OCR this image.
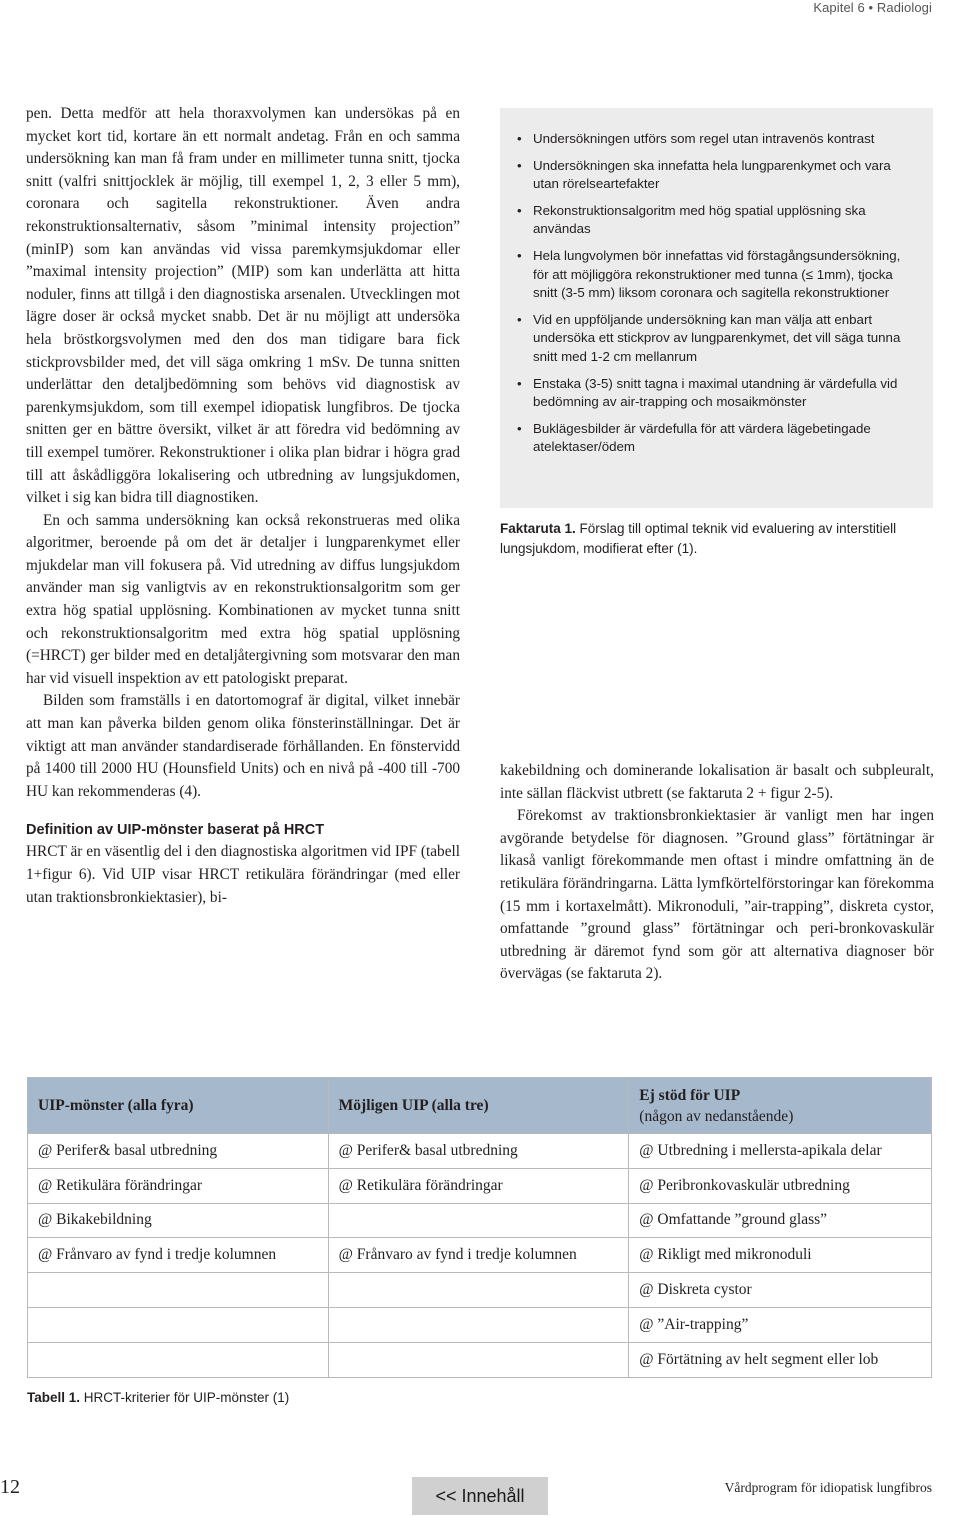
Kapitel 6 • Radiologi

pen. Detta medför att hela thoraxvolymen kan undersökas på en mycket kort tid, kortare än ett normalt andetag. Från en och samma undersökning kan man få fram under en millimeter tunna snitt, tjocka snitt (valfri snittjocklek är möjlig, till exempel 1, 2, 3 eller 5 mm), coronara och sagitella rekonstruktioner. Även andra rekonstruktionsalternativ, såsom ”minimal intensity projection” (minIP) som kan användas vid vissa paremkymsjukdomar eller ”maximal intensity projection” (MIP) som kan underlätta att hitta noduler, finns att tillgå i den diagnostiska arsenalen. Utvecklingen mot lägre doser är också mycket snabb. Det är nu möjligt att undersöka hela bröstkorgsvolymen med den dos man tidigare bara fick stickprovsbilder med, det vill säga omkring 1 mSv. De tunna snitten underlättar den detaljbedömning som behövs vid diagnostisk av parenkymsjukdom, som till exempel idiopatisk lungfibros. De tjocka snitten ger en bättre översikt, vilket är att föredra vid bedömning av till exempel tumörer. Rekonstruktioner i olika plan bidrar i högra grad till att åskådliggöra lokalisering och utbredning av lungsjukdomen, vilket i sig kan bidra till diagnostiken.

En och samma undersökning kan också rekonstrueras med olika algoritmer, beroende på om det är detaljer i lungparenkymet eller mjukdelar man vill fokusera på. Vid utredning av diffus lungsjukdom använder man sig vanligtvis av en rekonstruktionsalgoritm som ger extra hög spatial upplösning. Kombinationen av mycket tunna snitt och rekonstruktionsalgoritm med extra hög spatial upplösning (=HRCT) ger bilder med en detaljåtergivning som motsvarar den man har vid visuell inspektion av ett patologiskt preparat.

Bilden som framställs i en datortomograf är digital, vilket innebär att man kan påverka bilden genom olika fönsterinställningar. Det är viktigt att man använder standardiserade förhållanden. En fönstervidd på 1400 till 2000 HU (Hounsfield Units) och en nivå på -400 till -700 HU kan rekommenderas (4).

Definition av UIP-mönster baserat på HRCT

HRCT är en väsentlig del i den diagnostiska algoritmen vid IPF (tabell 1+figur 6). Vid UIP visar HRCT retikulära förändringar (med eller utan traktionsbronkiektasier), bi-

• Undersökningen utförs som regel utan intravenös kontrast
• Undersökningen ska innefatta hela lungparenkymet och vara utan rörelseartefakter
• Rekonstruktionsalgoritm med hög spatial upplösning ska användas
• Hela lungvolymen bör innefattas vid förstagångsundersökning, för att möjliggöra rekonstruktioner med tunna (≤ 1mm), tjocka snitt (3-5 mm) liksom coronara och sagitella rekonstruktioner
• Vid en uppföljande undersökning kan man välja att enbart undersöka ett stickprov av lungparenkymet, det vill säga tunna snitt med 1-2 cm mellanrum
• Enstaka (3-5) snitt tagna i maximal utandning är värdefulla vid bedömning av air-trapping och mosaikmönster
• Buklägesbilder är värdefulla för att värdera lägebetingade atelektaser/ödem
Faktaruta 1. Förslag till optimal teknik vid evaluering av interstitiell lungsjukdom, modifierat efter (1).

kakebildning och dominerande lokalisation är basalt och subpleuralt, inte sällan fläckvist utbrett (se faktaruta 2 + figur 2-5).

Förekomst av traktionsbronkiektasier är vanligt men har ingen avgörande betydelse för diagnosen. ”Ground glass” förtätningar är likaså vanligt förekommande men oftast i mindre omfattning än de retikulära förändringarna. Lätta lymfkörtelförstoringar kan förekomma (15 mm i kortaxelmått). Mikronoduli, ”air-trapping”, diskreta cystor, omfattande ”ground glass” förtätningar och peri-bronkovaskulär utbredning är däremot fynd som gör att alternativa diagnoser bör övervägas (se faktaruta 2).

UIP-mönster (alla fyra)	Möjligen UIP (alla tre)	Ej stöd för UIP
(någon av nedanstående)
@ Perifer& basal utbredning	@ Perifer& basal utbredning	@ Utbredning i mellersta-apikala delar
@ Retikulära förändringar	@ Retikulära förändringar	@ Peribronkovaskulär utbredning
@ Bikakebildning		@ Omfattande ”ground glass”
@ Frånvaro av fynd i tredje kolumnen	@ Frånvaro av fynd i tredje kolumnen	@ Rikligt med mikronoduli
		@ Diskreta cystor
		@ ”Air-trapping”
		@ Förtätning av helt segment eller lob
Tabell 1. HRCT-kriterier för UIP-mönster (1)
12	<< Innehåll	Vårdprogram för idiopatisk lungfibros
